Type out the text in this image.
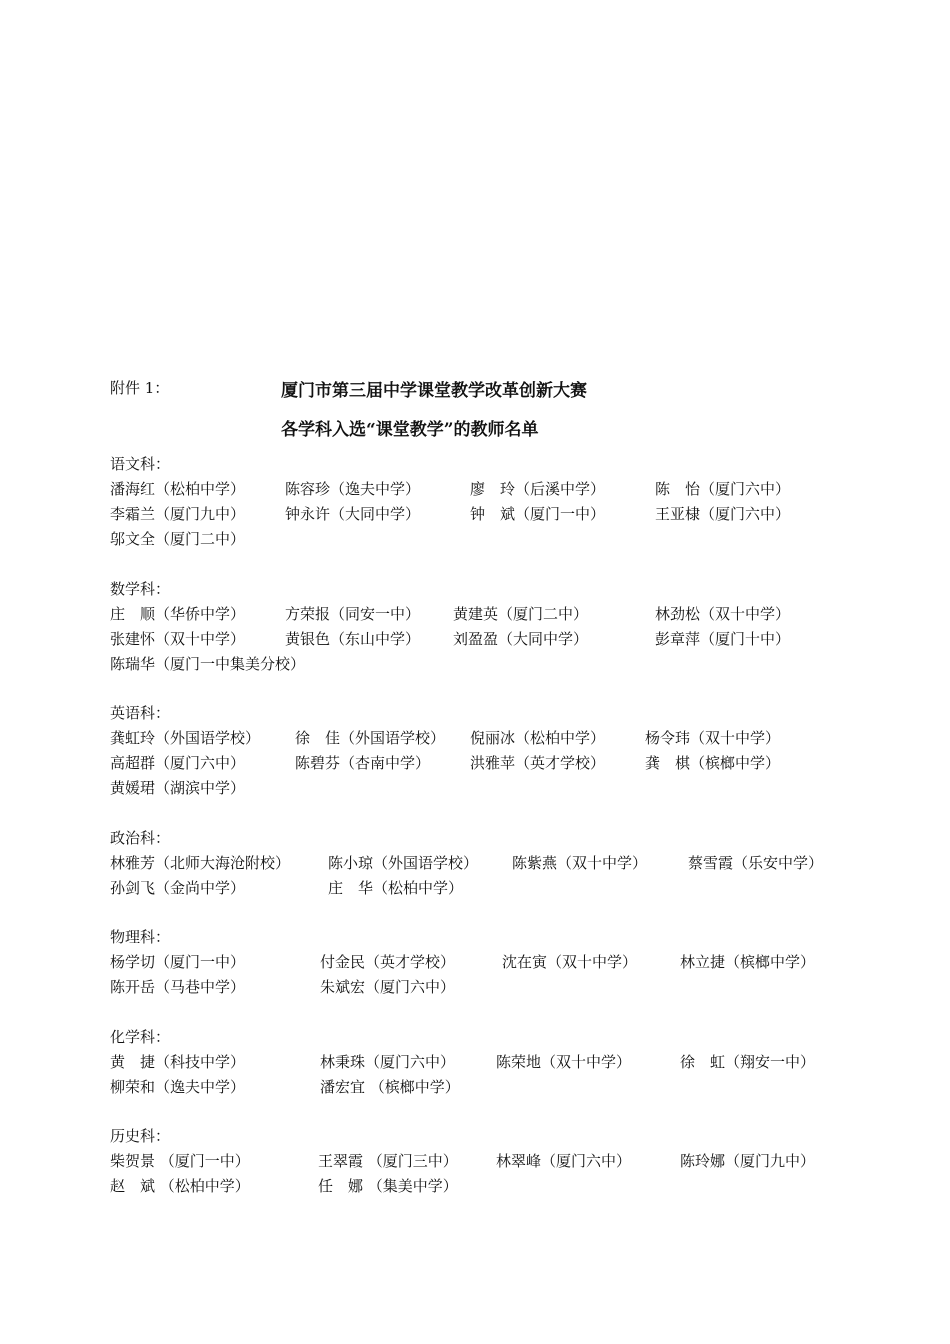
附件 1：	厦门市第三届中学课堂教学改革创新大赛
各学科入选“课堂教学”的教师名单
语文科：
潘海红（松柏中学）	陈容珍（逸夫中学）	廖　玲（后溪中学）	陈　怡（厦门六中）
李霜兰（厦门九中）	钟永许（大同中学）	钟　斌（厦门一中）	王亚棣（厦门六中）
邬文全（厦门二中）
数学科：
庄　顺（华侨中学）	方荣报（同安一中） 黄建英（厦门二中）	林劲松（双十中学）
张建怀（双十中学）	黄银色（东山中学） 刘盈盈（大同中学）	彭章萍（厦门十中）
陈瑞华（厦门一中集美分校）
英语科：
龚虹玲（外国语学校） 徐　佳（外国语学校） 倪丽冰（松柏中学）	杨令玮（双十中学）
高超群（厦门六中）	陈碧芬（杏南中学）	洪雅苹（英才学校）	龚　棋（槟榔中学）
黄媛珺（湖滨中学）
政治科：
林雅芳（北师大海沧附校）	陈小琼（外国语学校） 陈紫燕（双十中学）	蔡雪霞（乐安中学）
孙剑飞（金尚中学）	庄　华（松柏中学）
物理科：
杨学切（厦门一中）	付金民（英才学校）	沈在寅（双十中学）	林立捷（槟榔中学）
陈开岳（马巷中学）	朱斌宏（厦门六中）
化学科：
黄　捷（科技中学）	林秉珠（厦门六中）	陈荣地（双十中学）	徐　虹（翔安一中）
柳荣和（逸夫中学）	潘宏宜 （槟榔中学）
历史科：
柴贺景 （厦门一中）	王翠霞 （厦门三中）	林翠峰（厦门六中）	陈玲娜（厦门九中）
赵　斌 （松柏中学）	任　娜 （集美中学）
